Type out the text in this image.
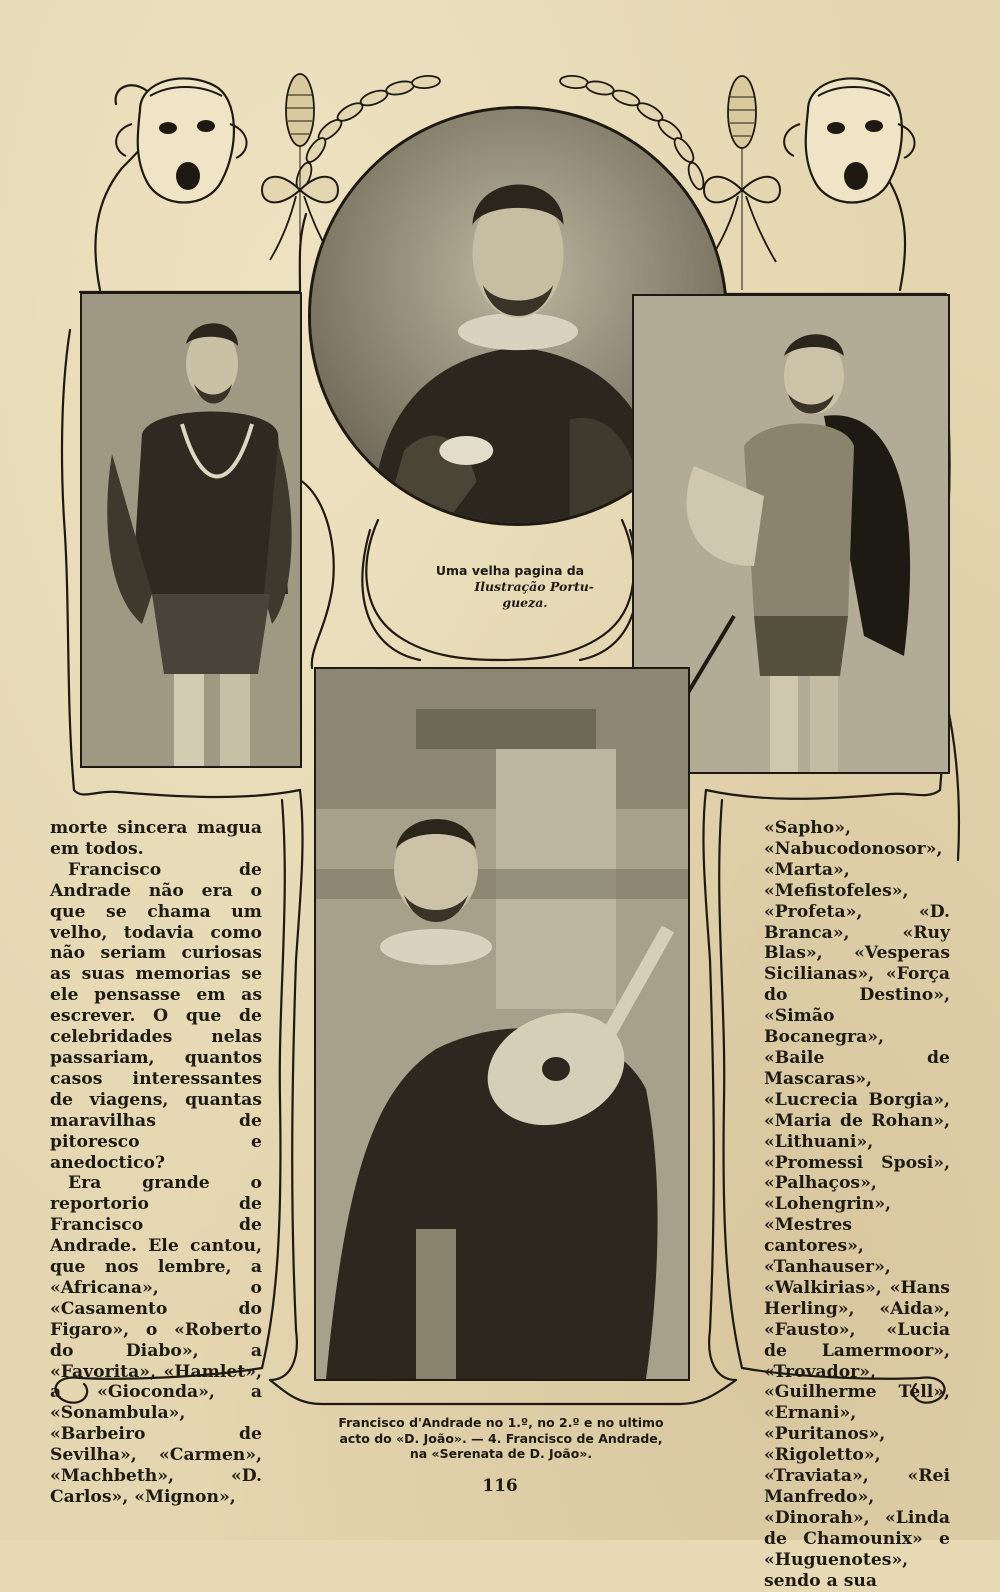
Uma velha pagina da
Ilustração Portu-
gueza.

morte sincera magua em todos.

Francisco de Andrade não era o que se chama um velho, todavia como não seriam curiosas as suas memorias se ele pensasse em as escrever. O que de celebridades nelas passariam, quantos casos interessantes de viagens, quantas maravilhas de pitoresco e anedoctico?

Era grande o reportorio de Francisco de Andrade. Ele cantou, que nos lembre, a «Africana», o «Casamento do Figaro», o «Roberto do Diabo», a «Favorita», «Hamlet», a «Gioconda», a «Sonambula», «Barbeiro de Sevilha», «Carmen», «Machbeth», «D. Carlos», «Mignon»,

«Sapho», «Nabucodonosor», «Marta», «Mefistofeles», «Profeta», «D. Branca», «Ruy Blas», «Vesperas Sicilianas», «Força do Destino», «Simão Bocanegra», «Baile de Mascaras», «Lucrecia Borgia», «Maria de Rohan», «Lithuani», «Promessi Sposi», «Palhaços», «Lohengrin», «Mestres cantores», «Tanhauser», «Walkirias», «Hans Herling», «Aida», «Fausto», «Lucia de Lamermoor», «Trovador», «Guilherme Tell», «Ernani», «Puritanos», «Rigoletto», «Traviata», «Rei Manfredo», «Dinorah», «Linda de Chamounix» e «Huguenotes», sendo a sua

Francisco d'Andrade no 1.º, no 2.º e no ultimo acto do «D. João». — 4. Francisco de Andrade, na «Serenata de D. João».
116
